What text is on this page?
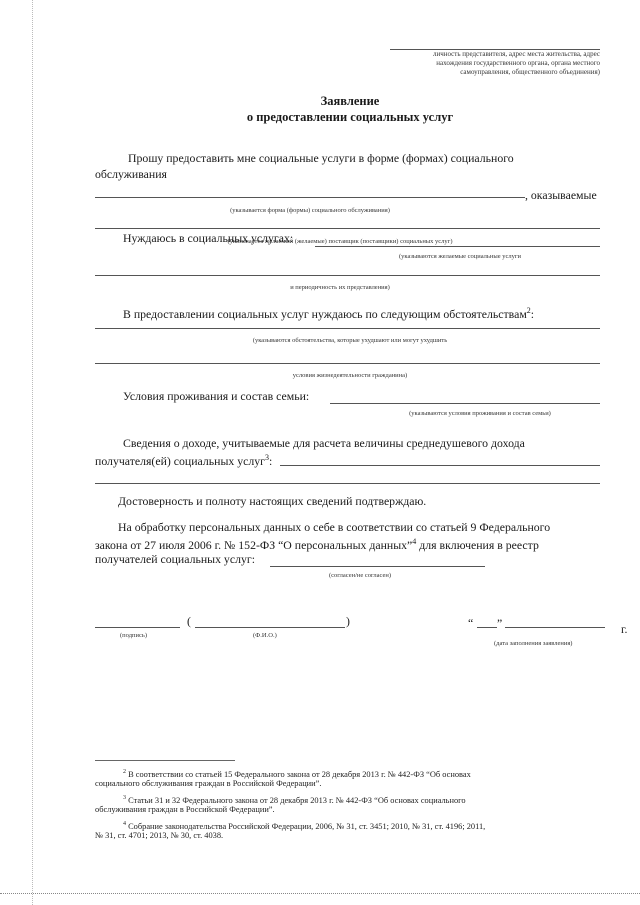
личность представителя, адрес места жительства, адрес
нахождения государственного органа, органа местного
самоуправления, общественного объединения)
Заявление
о предоставлении социальных услуг
Прошу предоставить мне социальные услуги в форме (формах) социального
обслуживания
, оказываемые
(указывается форма (формы) социального обслуживания)
(указывается желаемый (желаемые) поставщик (поставщики) социальных услуг)
Нуждаюсь в социальных услугах:
(указываются желаемые социальные услуги
и периодичность их представления)
В предоставлении социальных услуг нуждаюсь по следующим обстоятельствам$^2$:
(указываются обстоятельства, которые ухудшают или могут ухудшить
условия жизнедеятельности гражданина)
Условия проживания и состав семьи:
(указываются условия проживания и состав семьи)
Сведения о доходе, учитываемые для расчета величины среднедушевого дохода
получателя(ей) социальных услуг$^3$:
Достоверность и полноту настоящих сведений подтверждаю.
На обработку персональных данных о себе в соответствии со статьей 9 Федерального
закона от 27 июля 2006 г. № 152-ФЗ “О персональных данных”$^4$ для включения в реестр
получателей социальных услуг:
(согласен/не согласен)
(подпись)
(	)
(Ф.И.О.)
“ ”	г.
(дата заполнения заявления)
$^2$ В соответствии со статьей 15 Федерального закона от 28 декабря 2013 г. № 442-ФЗ “Об основах
социального обслуживания граждан в Российской Федерации”.
$^3$ Статьи 31 и 32 Федерального закона от 28 декабря 2013 г. № 442-ФЗ “Об основах социального
обслуживания граждан в Российской Федерации”.
$^4$ Собрание законодательства Российской Федерации, 2006, № 31, ст. 3451; 2010, № 31, ст. 4196; 2011,
№ 31, ст. 4701; 2013, № 30, ст. 4038.
